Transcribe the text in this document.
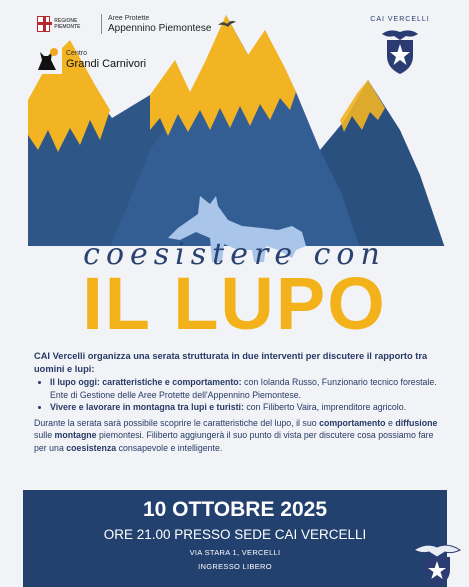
REGIONE PIEMONTE
Aree Protette
Appennino Piemontese
Centro
Grandi Carnivori
CAI VERCELLI
coesistere con
IL LUPO

CAI Vercelli organizza una serata strutturata in due interventi per discutere il rapporto tra uomini e lupi:

• Il lupo oggi: caratteristiche e comportamento: con Iolanda Russo, Funzionario tecnico forestale. Ente di Gestione delle Aree Protette dell'Appennino Piemontese.
• Vivere e lavorare in montagna tra lupi e turisti: con Filiberto Vaira, imprenditore agricolo.

Durante la serata sarà possibile scoprire le caratteristiche del lupo, il suo comportamento e diffusione sulle montagne piemontesi. Filiberto aggiungerà il suo punto di vista per discutere cosa possiamo fare per una coesistenza consapevole e intelligente.

10 OTTOBRE 2025
ORE 21.00 PRESSO SEDE CAI VERCELLI
VIA STARA 1, VERCELLI
INGRESSO LIBERO
